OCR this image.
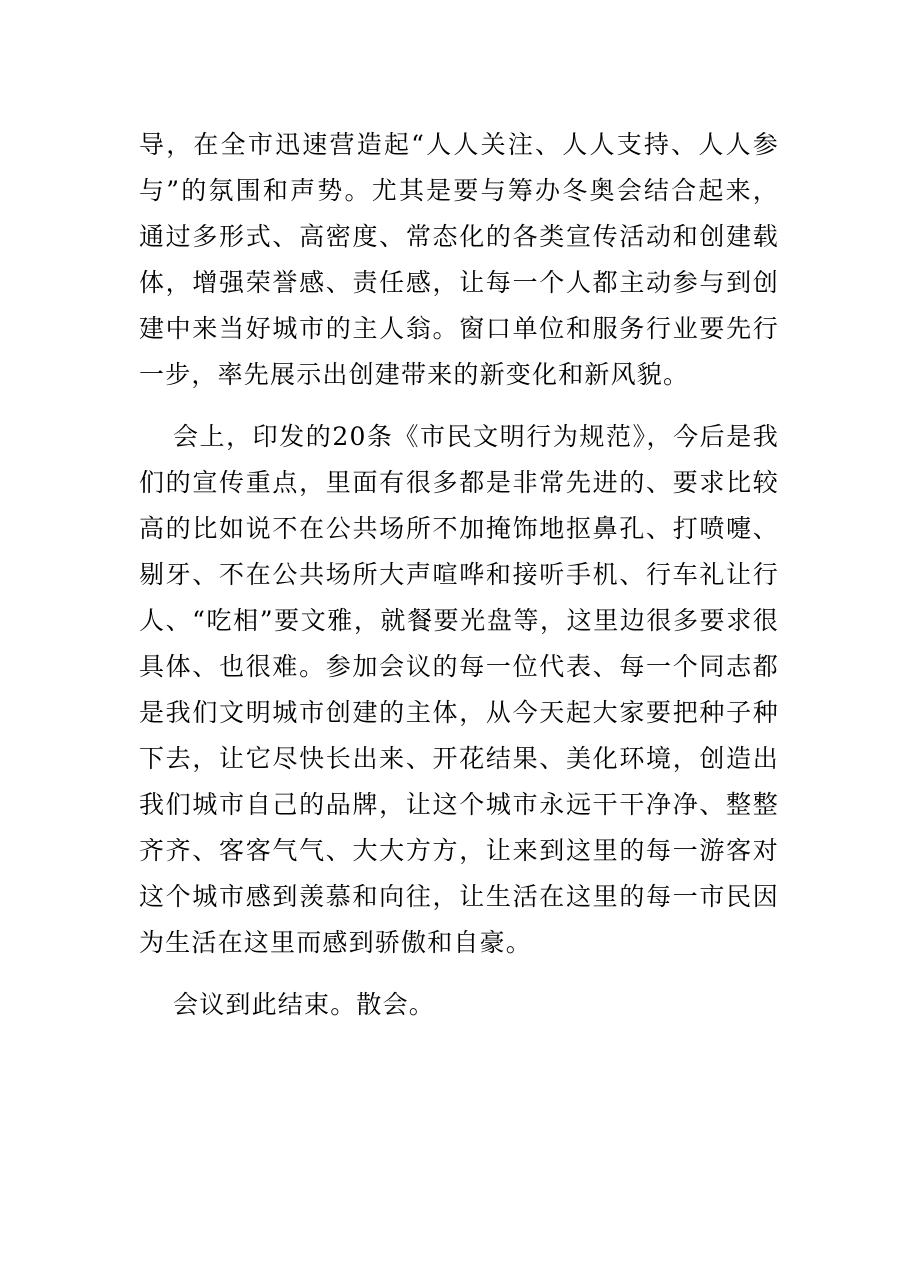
导，在全市迅速营造起“人人关注、人人支持、人人参与”的氛围和声势。尤其是要与筹办冬奥会结合起来，通过多形式、高密度、常态化的各类宣传活动和创建载体，增强荣誉感、责任感，让每一个人都主动参与到创建中来当好城市的主人翁。窗口单位和服务行业要先行一步，率先展示出创建带来的新变化和新风貌。

会上，印发的20条《市民文明行为规范》，今后是我们的宣传重点，里面有很多都是非常先进的、要求比较高的比如说不在公共场所不加掩饰地抠鼻孔、打喷嚏、剔牙、不在公共场所大声喧哗和接听手机、行车礼让行人、“吃相”要文雅，就餐要光盘等，这里边很多要求很具体、也很难。参加会议的每一位代表、每一个同志都是我们文明城市创建的主体，从今天起大家要把种子种下去，让它尽快长出来、开花结果、美化环境，创造出我们城市自己的品牌，让这个城市永远干干净净、整整齐齐、客客气气、大大方方，让来到这里的每一游客对这个城市感到羡慕和向往，让生活在这里的每一市民因为生活在这里而感到骄傲和自豪。

会议到此结束。散会。
